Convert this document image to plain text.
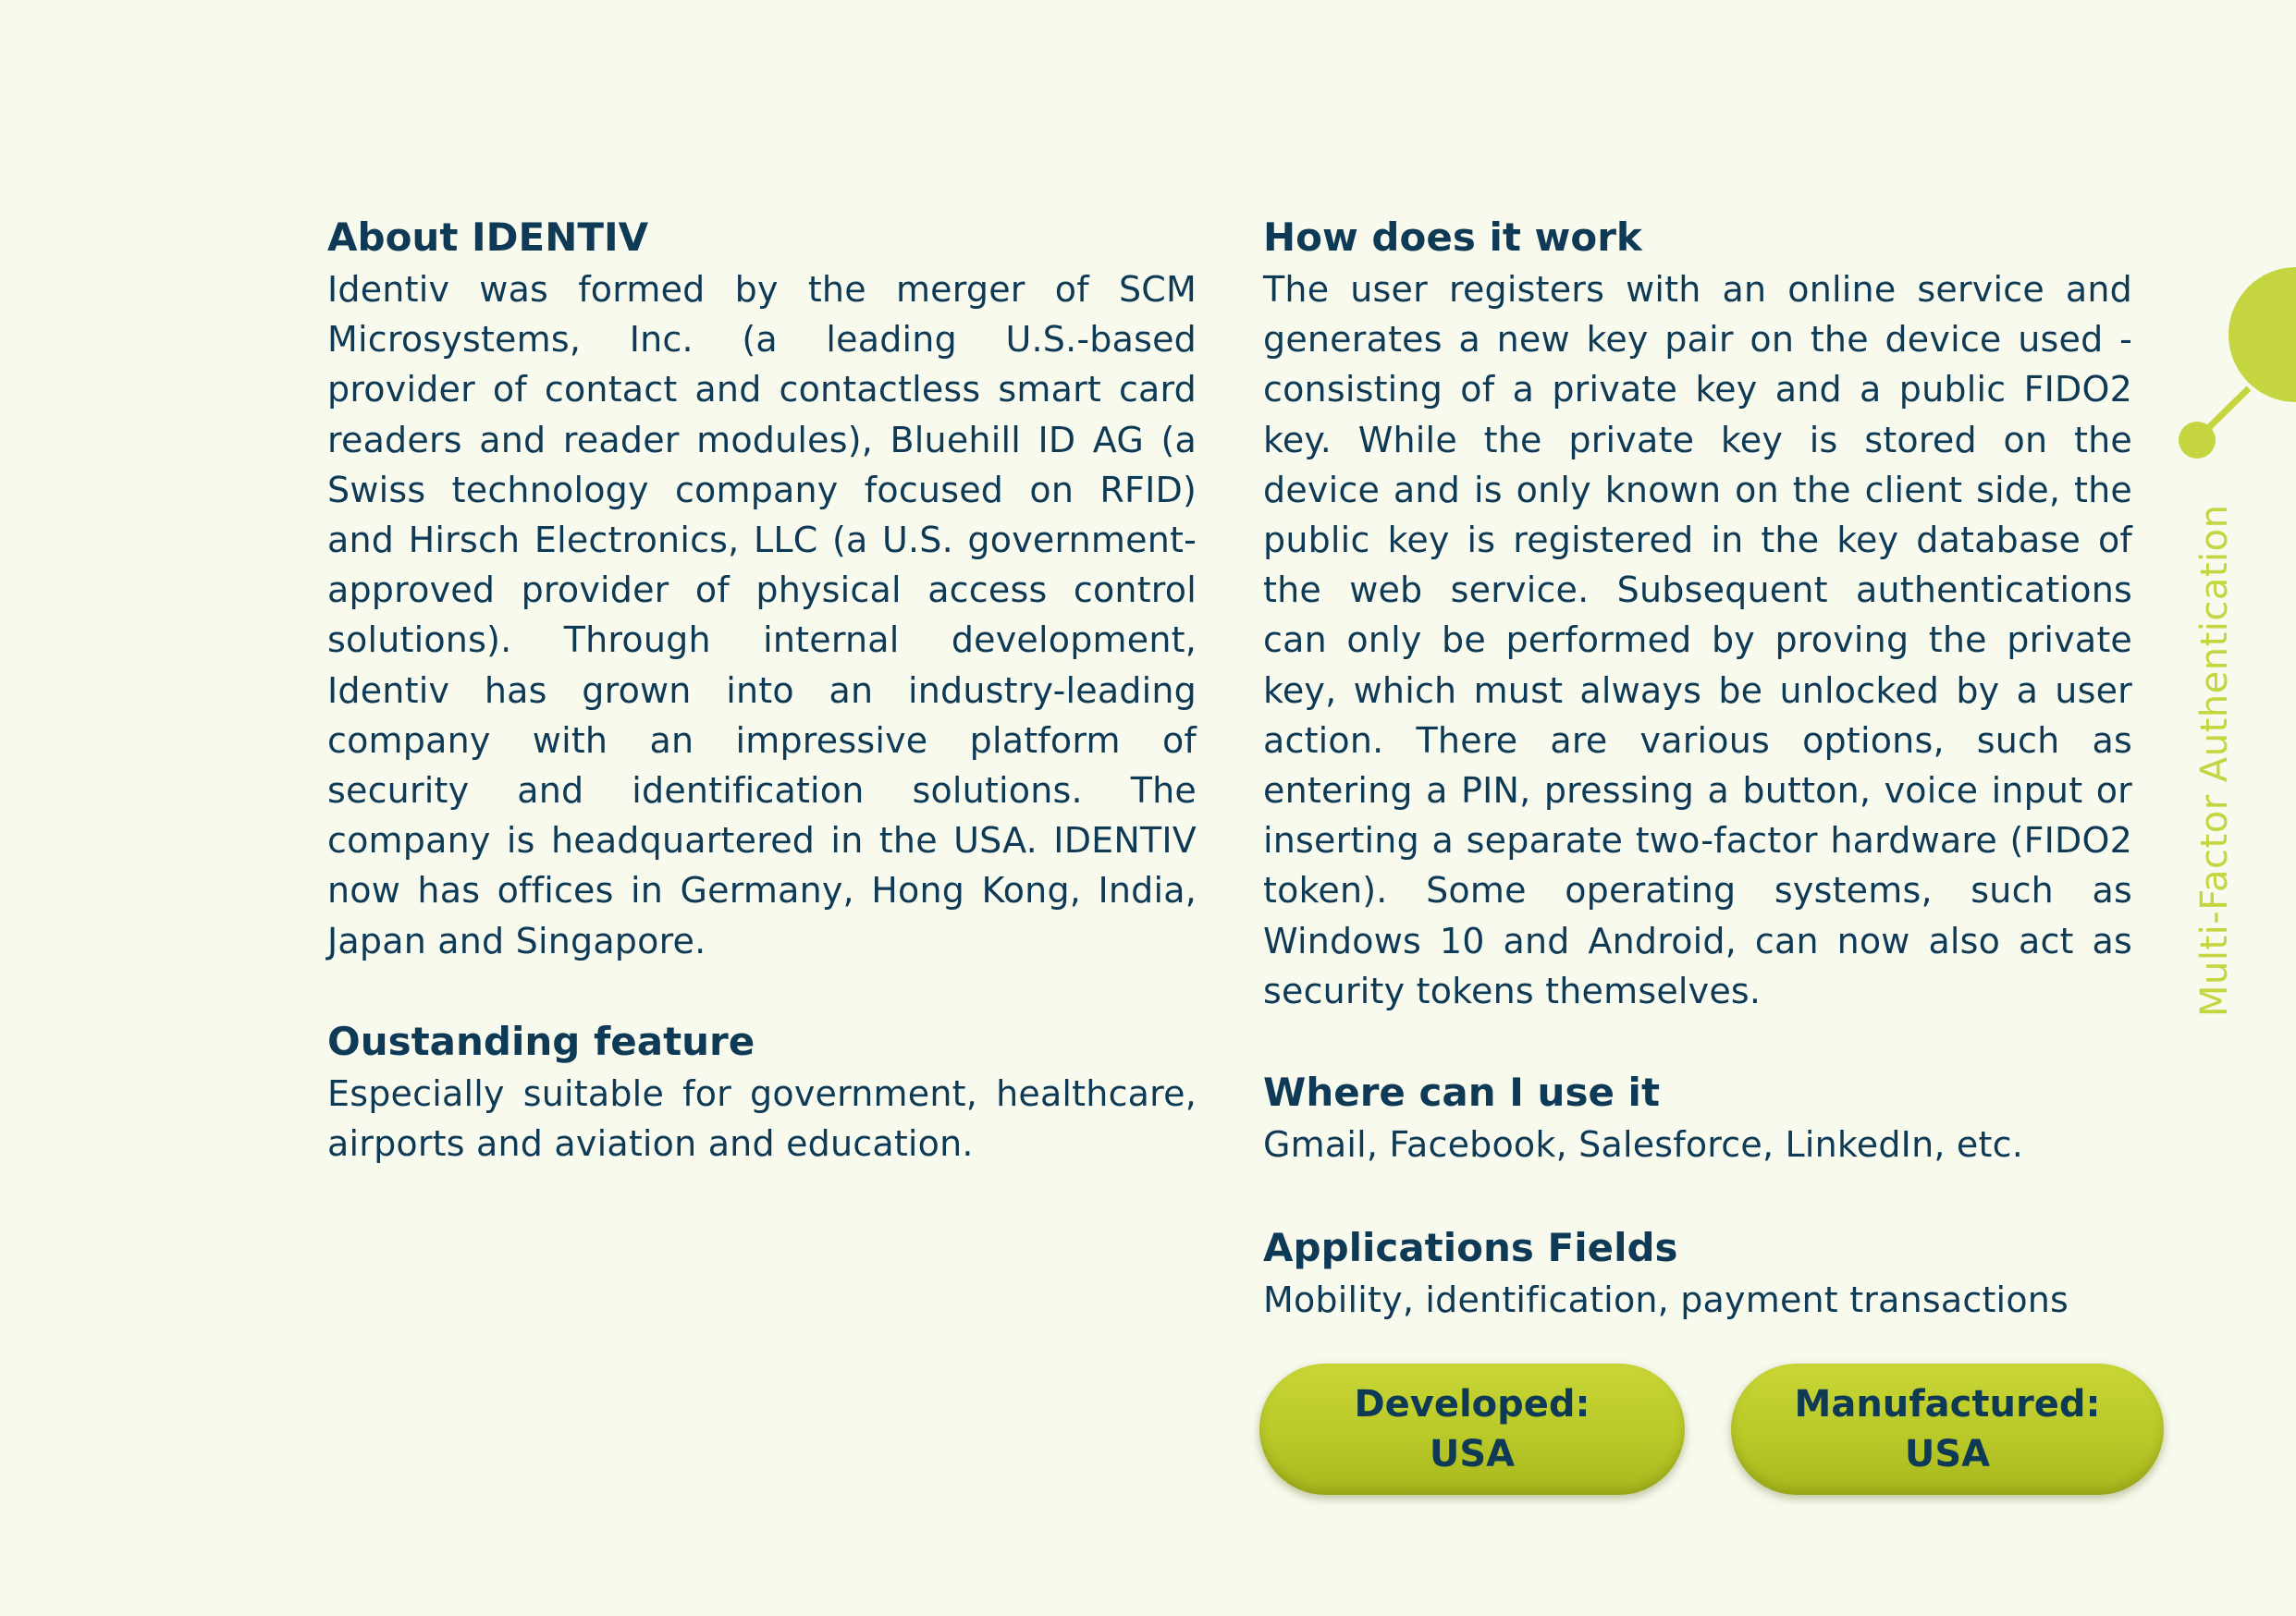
About IDENTIV

Identiv was formed by the merger of SCM Microsystems, Inc. (a leading U.S.-based provider of contact and contactless smart card readers and reader modules), Bluehill ID AG (a Swiss technology company focused on RFID) and Hirsch Electronics, LLC (a U.S. government-approved provider of physical access control solutions). Through internal development, Identiv has grown into an industry-leading company with an impressive platform of security and identification solutions. The company is headquartered in the USA. IDENTIV now has offices in Germany, Hong Kong, India, Japan and Singapore.

Oustanding feature

Especially suitable for government, healthcare, airports and aviation and education.

How does it work

The user registers with an online service and generates a new key pair on the device used - consisting of a private key and a public FIDO2 key. While the private key is stored on the device and is only known on the client side, the public key is registered in the key database of the web service. Subsequent authentications can only be performed by proving the private key, which must always be unlocked by a user action. There are various options, such as entering a PIN, pressing a button, voice input or inserting a separate two-factor hardware (FIDO2 token). Some operating systems, such as Windows 10 and Android, can now also act as security tokens themselves.

Where can I use it

Gmail, Facebook, Salesforce, LinkedIn, etc.

Applications Fields

Mobility, identification, payment transactions

Developed:
USA
Manufactured:
USA
Multi-Factor Authentication
